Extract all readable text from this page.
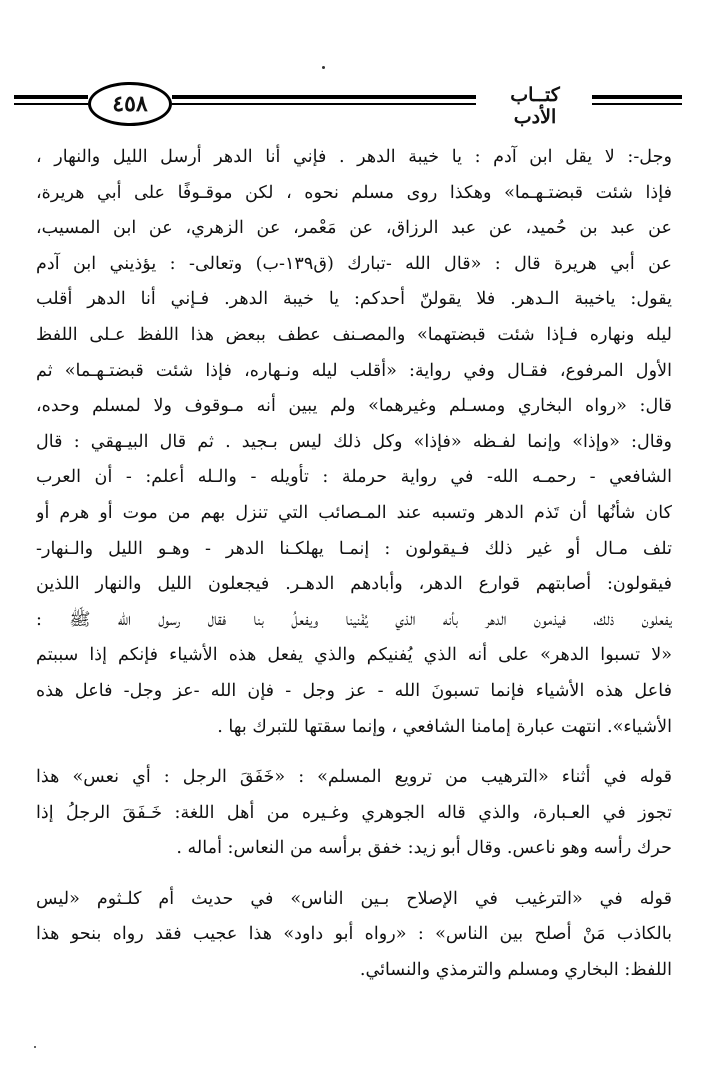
٤٥٨	كتــاب الأدب
وجل-: لا يقل ابن آدم : يا خيبة الدهر . فإني أنا الدهر أرسل الليل والنهار ،
فإذا شئت قبضتـهـما» وهكذا روى مسلم نحوه ، لكن موقـوفًا على أبي هريرة،
عن عبد بن حُميد، عن عبد الرزاق، عن مَعْمر، عن الزهري، عن ابن المسيب،
عن أبي هريرة قال : «قال الله -تبارك (ق١٣٩-ب) وتعالى- : يؤذيني ابن آدم
يقول: ياخيبة الـدهر. فلا يقولنّ أحدكم: يا خيبة الدهر. فـإني أنا الدهر أقلب
ليله ونهاره فـإذا شئت قبضتهما» والمصـنف عطف ببعض هذا اللفظ عـلى اللفظ
الأول المرفوع، فقـال وفي رواية: «أقلب ليله ونـهاره، فإذا شئت قبضتـهـما» ثم
قال: «رواه البخاري ومسـلم وغيرهما» ولم يبين أنه مـوقوف ولا لمسلم وحده،
وقال: «وإذا» وإنما لفـظه «فإذا» وكل ذلك ليس بـجيد . ثم قال البيـهقي : قال
الشافعي - رحمـه الله- في رواية حرملة : تأويله - والـله أعلم: - أن العرب
كان شأنُها أن تَذم الدهر وتسبه عند المـصائب التي تنزل بهم من موت أو هرم أو
تلف مـال أو غير ذلك فـيقولون : إنمـا يهلكـنا الدهر - وهـو الليل والـنهار-
فيقولون: أصابتهم قوارع الدهر، وأبادهم الدهـر. فيجعلون الليل والنهار اللذين
يفعلون ذلك، فيذمون الدهر بأنه الذي يُفْنينا ويفعلُ بنا فقال رسول الله ﷺ :
«لا تسبوا الدهر» على أنه الذي يُفنيكم والذي يفعل هذه الأشياء فإنكم إذا سببتم
فاعل هذه الأشياء فإنما تسبونَ الله - عز وجل - فإن الله -عز وجل- فاعل هذه
الأشياء». انتهت عبارة إمامنا الشافعي ، وإنما سقتها للتبرك بها .
قوله في أثناء «الترهيب من ترويع المسلم» : «خَفَقَ الرجل : أي نعس» هذا
تجوز في العـبارة، والذي قاله الجوهري وغـيره من أهل اللغة: خَـفَقَ الرجلُ إذا
حرك رأسه وهو ناعس. وقال أبو زيد: خفق برأسه من النعاس: أماله .
قوله في «الترغيب في الإصلاح بـين الناس» في حديث أم كلـثوم «ليس
بالكاذب مَنْ أصلح بين الناس» : «رواه أبو داود» هذا عجيب فقد رواه بنحو هذا
اللفظ: البخاري ومسلم والترمذي والنسائي.
